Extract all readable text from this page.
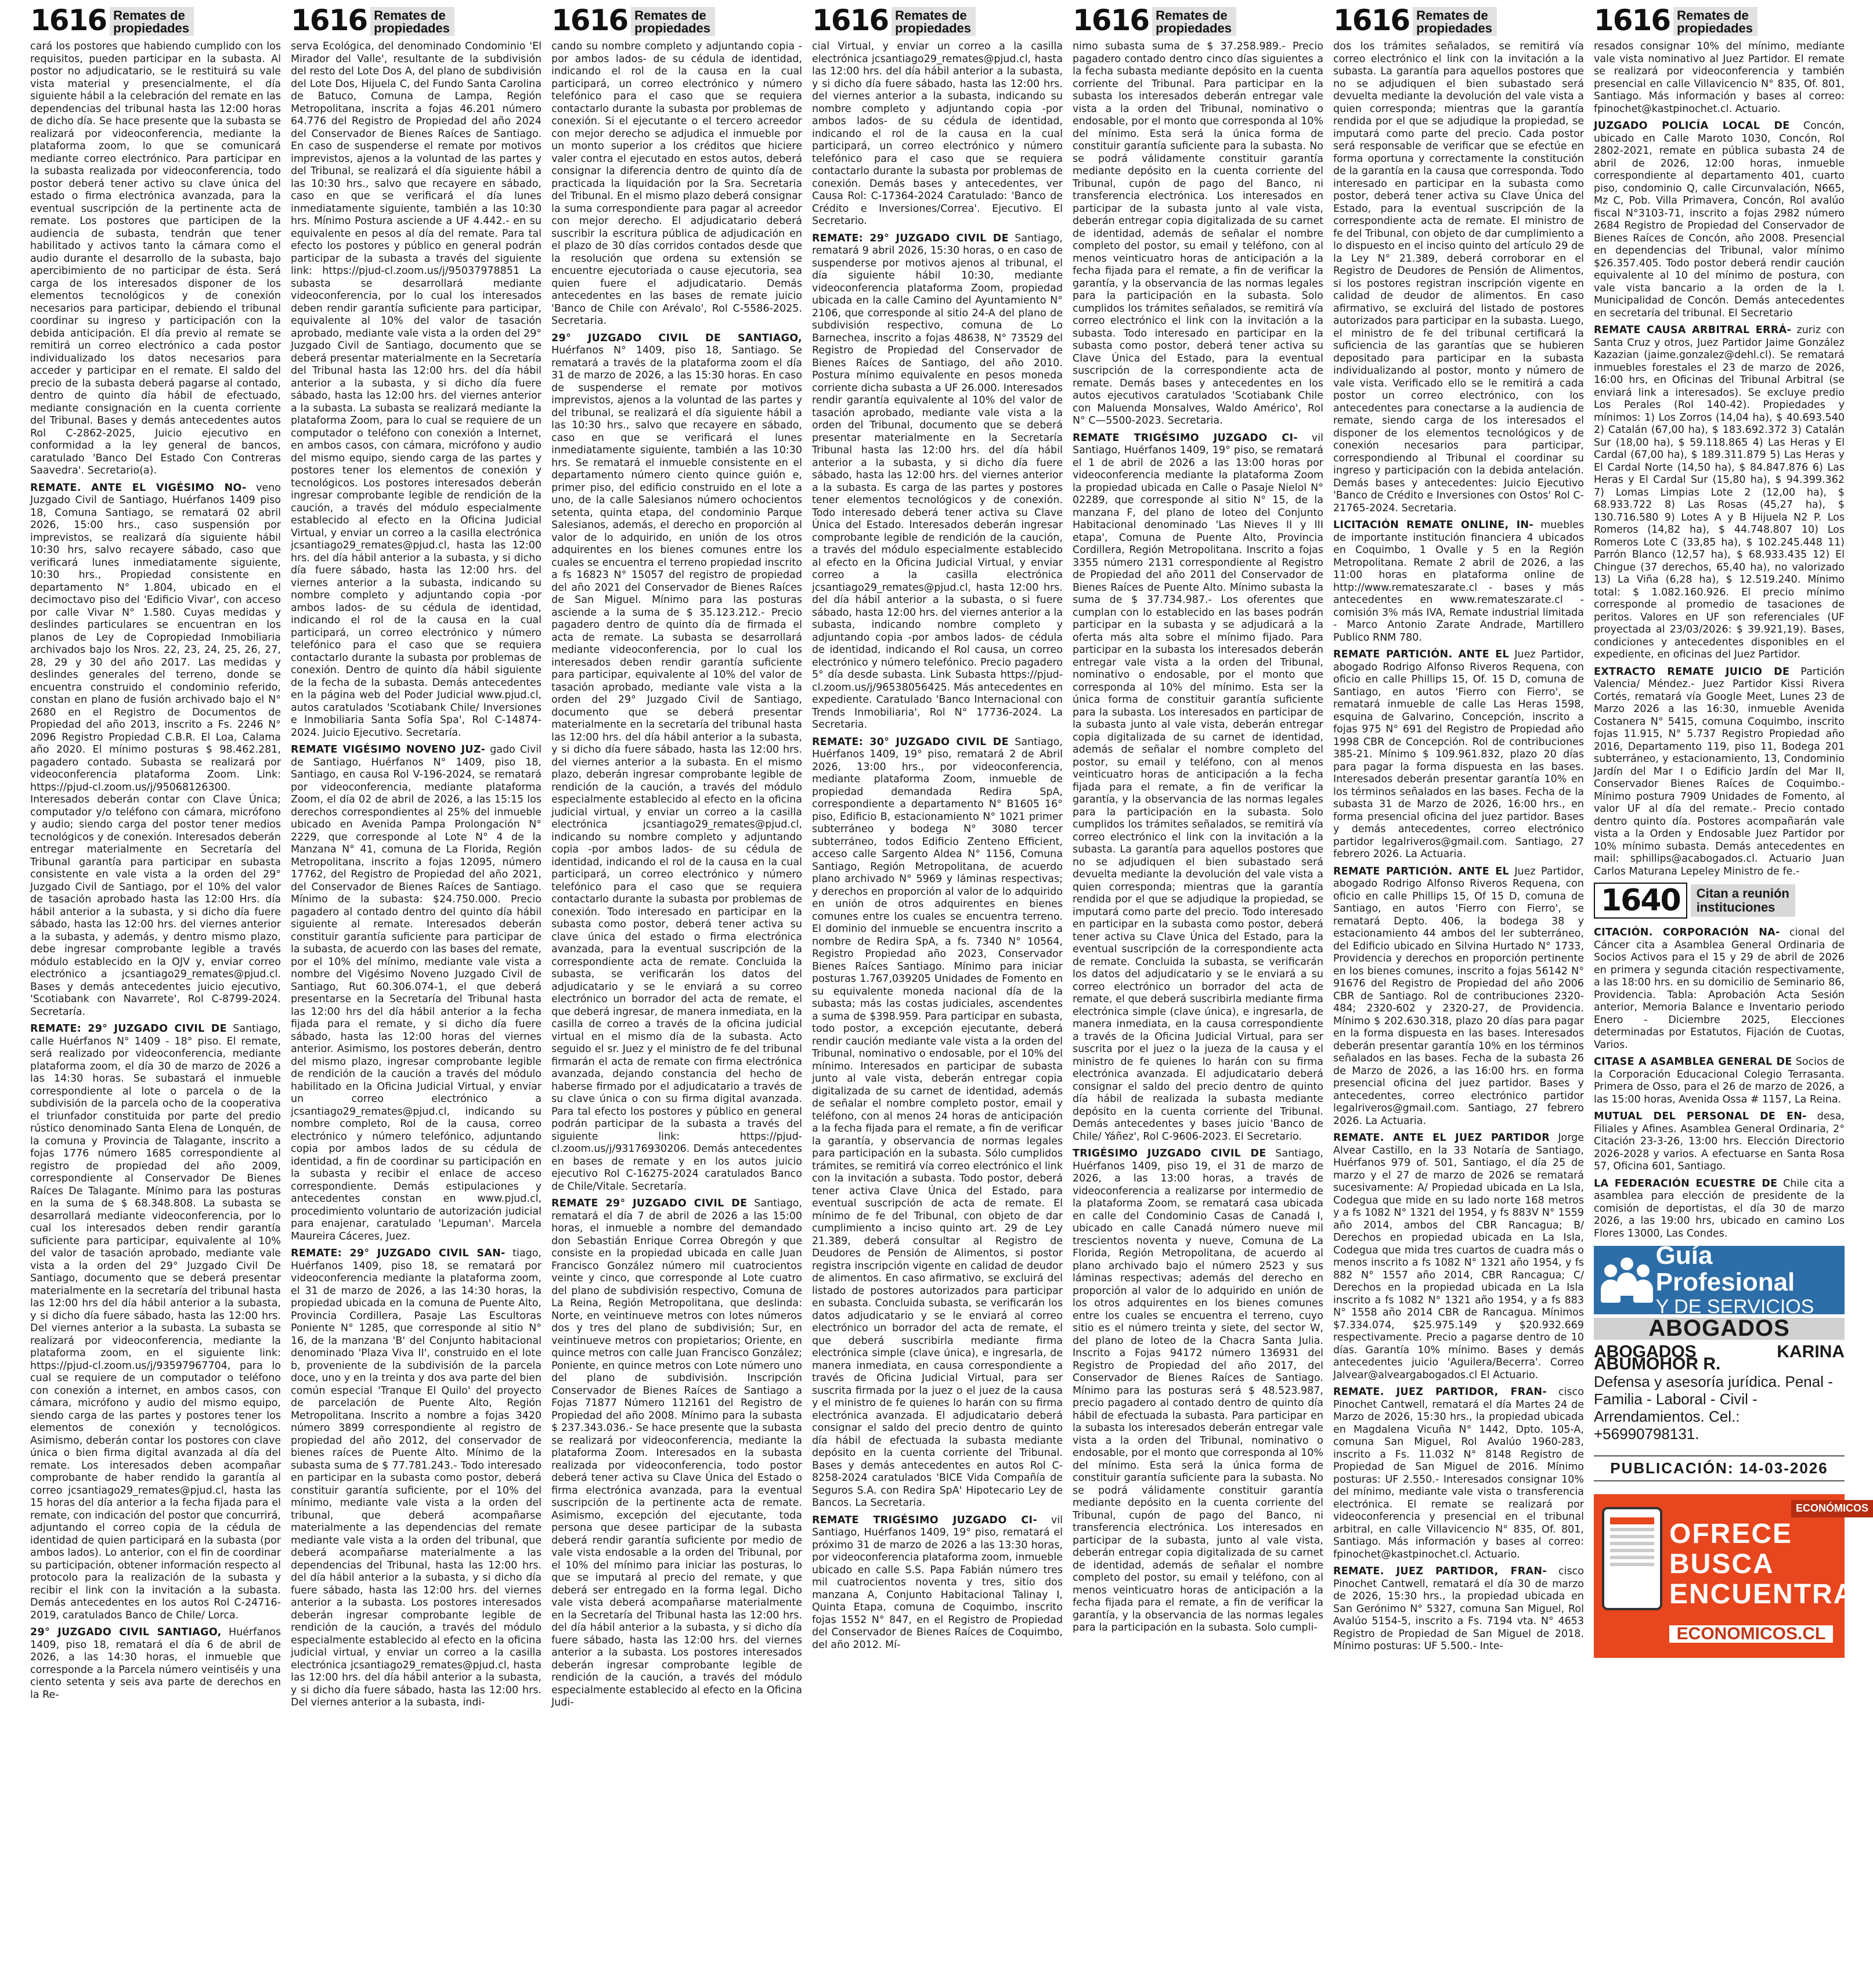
1616 Remates de
propiedades

cará los postores que habiendo cumplido con los requisitos, pueden participar en la subasta. Al postor no adjudicatario, se le restituirá su vale vista material y presencialmente, el día siguiente hábil a la celebración del remate en las dependencias del tribunal hasta las 12:00 horas de dicho día. Se hace presente que la subasta se realizará por videoconferencia, mediante la plataforma zoom, lo que se comunicará mediante correo electrónico. Para participar en la subasta realizada por videoconferencia, todo postor deberá tener activo su clave única del estado o firma electrónica avanzada, para la eventual suscripción de la pertinente acta de remate. Los postores que participen de la audiencia de subasta, tendrán que tener habilitado y activos tanto la cámara como el audio durante el desarrollo de la subasta, bajo apercibimiento de no participar de ésta. Será carga de los interesados disponer de los elementos tecnológicos y de conexión necesarios para participar, debiendo el tribunal coordinar su ingreso y participación con la debida anticipación. El día previo al remate se remitirá un correo electrónico a cada postor individualizado los datos necesarios para acceder y participar en el remate. El saldo del precio de la subasta deberá pagarse al contado, dentro de quinto día hábil de efectuado, mediante consignación en la cuenta corriente del Tribunal. Bases y demás antecedentes autos Rol C-2862-2025, Juicio ejecutivo en conformidad a la ley general de bancos, caratulado 'Banco Del Estado Con Contreras Saavedra'. Secretario(a).

REMATE. ANTE EL VIGÉSIMO NO- veno Juzgado Civil de Santiago, Huérfanos 1409 piso 18, Comuna Santiago, se rematará 02 abril 2026, 15:00 hrs., caso suspensión por imprevistos, se realizará día siguiente hábil 10:30 hrs, salvo recayere sábado, caso que verificará lunes inmediatamente siguiente, 10:30 hrs., Propiedad consistente en departamento N° 1.804, ubicado en el decimoctavo piso del 'Edificio Vivar', con acceso por calle Vivar N° 1.580. Cuyas medidas y deslindes particulares se encuentran en los planos de Ley de Copropiedad Inmobiliaria archivados bajo los Nros. 22, 23, 24, 25, 26, 27, 28, 29 y 30 del año 2017. Las medidas y deslindes generales del terreno, donde se encuentra construido el condominio referido, constan en plano de fusión archivado bajo el N° 2680 en el Registro de Documentos de Propiedad del año 2013, inscrito a Fs. 2246 N° 2096 Registro Propiedad C.B.R. El Loa, Calama año 2020. El mínimo posturas $ 98.462.281, pagadero contado. Subasta se realizará por videoconferencia plataforma Zoom. Link: https://pjud-cl.zoom.us/j/95068126300. Interesados deberán contar con Clave Única; computador y/o teléfono con cámara, micrófono y audio; siendo carga del postor tener medios tecnológicos y de conexión. Interesados deberán entregar materialmente en Secretaría del Tribunal garantía para participar en subasta consistente en vale vista a la orden del 29° Juzgado Civil de Santiago, por el 10% del valor de tasación aprobado hasta las 12:00 Hrs. día hábil anterior a la subasta, y si dicho día fuere sábado, hasta las 12:00 hrs. del viernes anterior a la subasta, y además, y dentro mismo plazo, debe ingresar comprobante legible a través módulo establecido en la OJV y, enviar correo electrónico a jcsantiago29_remates@pjud.cl. Bases y demás antecedentes juicio ejecutivo, 'Scotiabank con Navarrete', Rol C-8799-2024. Secretaría.

REMATE: 29° JUZGADO CIVIL DE Santiago, calle Huérfanos N° 1409 - 18° piso. El remate, será realizado por videoconferencia, mediante plataforma zoom, el día 30 de marzo de 2026 a las 14:30 horas. Se subastará el inmueble correspondiente al lote o parcela o de la subdivisión de la parcela ocho de la cooperativa el triunfador constituida por parte del predio rústico denominado Santa Elena de Lonquén, de la comuna y Provincia de Talagante, inscrito a fojas 1776 número 1685 correspondiente al registro de propiedad del año 2009, correspondiente al Conservador De Bienes Raíces De Talagante. Mínimo para las posturas en la suma de $ 68.348.808. La subasta se desarrollará mediante videoconferencia, por lo cual los interesados deben rendir garantía suficiente para participar, equivalente al 10% del valor de tasación aprobado, mediante vale vista a la orden del 29° Juzgado Civil De Santiago, documento que se deberá presentar materialmente en la secretaría del tribunal hasta las 12:00 hrs del día hábil anterior a la subasta, y si dicho día fuere sábado, hasta las 12:00 hrs. Del viernes anterior a la subasta. La subasta se realizará por videoconferencia, mediante la plataforma zoom, en el siguiente link: https://pjud-cl.zoom.us/j/93597967704, para lo cual se requiere de un computador o teléfono con conexión a internet, en ambos casos, con cámara, micrófono y audio del mismo equipo, siendo carga de las partes y postores tener los elementos de conexión y tecnológicos. Asimismo, deberán contar los postores con clave única o bien firma digital avanzada al día del remate. Los interesados deben acompañar comprobante de haber rendido la garantía al correo jcsantiago29_remates@pjud.cl, hasta las 15 horas del día anterior a la fecha fijada para el remate, con indicación del postor que concurrirá, adjuntando el correo copia de la cédula de identidad de quien participará en la subasta (por ambos lados). Lo anterior, con el fin de coordinar su participación, obtener información respecto al protocolo para la realización de la subasta y recibir el link con la invitación a la subasta. Demás antecedentes en los autos Rol C-24716-2019, caratulados Banco de Chile/ Lorca.

29° JUZGADO CIVIL SANTIAGO, Huérfanos 1409, piso 18, rematará el día 6 de abril de 2026, a las 14:30 horas, el inmueble que corresponde a la Parcela número veintiséis y una ciento setenta y seis ava parte de derechos en la Re-

1616 Remates de
propiedades

serva Ecológica, del denominado Condominio 'El Mirador del Valle', resultante de la subdivisión del resto del Lote Dos A, del plano de subdivisión del Lote Dos, Hijuela C, del Fundo Santa Carolina de Batuco, Comuna de Lampa, Región Metropolitana, inscrita a fojas 46.201 número 64.776 del Registro de Propiedad del año 2024 del Conservador de Bienes Raíces de Santiago. En caso de suspenderse el remate por motivos imprevistos, ajenos a la voluntad de las partes y del Tribunal, se realizará el día siguiente hábil a las 10:30 hrs., salvo que recayere en sábado, caso en que se verificará el día lunes inmediatamente siguiente, también a las 10:30 hrs. Mínimo Postura asciende a UF 4.442.- en su equivalente en pesos al día del remate. Para tal efecto los postores y público en general podrán participar de la subasta a través del siguiente link: https://pjud-cl.zoom.us/j/95037978851 La subasta se desarrollará mediante videoconferencia, por lo cual los interesados deben rendir garantía suficiente para participar, equivalente al 10% del valor de tasación aprobado, mediante vale vista a la orden del 29° Juzgado Civil de Santiago, documento que se deberá presentar materialmente en la Secretaría del Tribunal hasta las 12:00 hrs. del día hábil anterior a la subasta, y si dicho día fuere sábado, hasta las 12:00 hrs. del viernes anterior a la subasta. La subasta se realizará mediante la plataforma Zoom, para lo cual se requiere de un computador o teléfono con conexión a Internet, en ambos casos, con cámara, micrófono y audio del mismo equipo, siendo carga de las partes y postores tener los elementos de conexión y tecnológicos. Los postores interesados deberán ingresar comprobante legible de rendición de la caución, a través del módulo especialmente establecido al efecto en la Oficina Judicial Virtual, y enviar un correo a la casilla electrónica jcsantiago29_remates@pjud.cl, hasta las 12:00 hrs. del día hábil anterior a la subasta, y si dicho día fuere sábado, hasta las 12:00 hrs. del viernes anterior a la subasta, indicando su nombre completo y adjuntando copia -por ambos lados- de su cédula de identidad, indicando el rol de la causa en la cual participará, un correo electrónico y número telefónico para el caso que se requiera contactarlo durante la subasta por problemas de conexión. Dentro de quinto día hábil siguiente de la fecha de la subasta. Demás antecedentes en la página web del Poder Judicial www.pjud.cl, autos caratulados 'Scotiabank Chile/ Inversiones e Inmobiliaria Santa Sofía Spa', Rol C-14874-2024. Juicio Ejecutivo. Secretaría.

REMATE VIGÉSIMO NOVENO JUZ- gado Civil de Santiago, Huérfanos N° 1409, piso 18, Santiago, en causa Rol V-196-2024, se rematará por videoconferencia, mediante plataforma Zoom, el día 02 de abril de 2026, a las 15:15 los derechos correspondientes al 25% del inmueble ubicado en Avenida Pampa Prolongación N° 2229, que corresponde al Lote N° 4 de la Manzana N° 41, comuna de La Florida, Región Metropolitana, inscrito a fojas 12095, número 17762, del Registro de Propiedad del año 2021, del Conservador de Bienes Raíces de Santiago. Mínimo de la subasta: $24.750.000. Precio pagadero al contado dentro del quinto día hábil siguiente al remate. Interesados deberán constituir garantía suficiente para participar de la subasta, de acuerdo con las bases del remate, por el 10% del mínimo, mediante vale vista a nombre del Vigésimo Noveno Juzgado Civil de Santiago, Rut 60.306.074-1, el que deberá presentarse en la Secretaría del Tribunal hasta las 12:00 hrs del día hábil anterior a la fecha fijada para el remate, y si dicho día fuere sábado, hasta las 12:00 horas del viernes anterior. Asimismo, los postores deberán, dentro del mismo plazo, ingresar comprobante legible de rendición de la caución a través del módulo habilitado en la Oficina Judicial Virtual, y enviar un correo electrónico a jcsantiago29_remates@pjud.cl, indicando su nombre completo, Rol de la causa, correo electrónico y número telefónico, adjuntando copia por ambos lados de su cédula de identidad, a fin de coordinar su participación en la subasta y recibir el enlace de acceso correspondiente. Demás estipulaciones y antecedentes constan en www.pjud.cl, procedimiento voluntario de autorización judicial para enajenar, caratulado 'Lepuman'. Marcela Maureira Cáceres, Juez.

REMATE: 29° JUZGADO CIVIL SAN- tiago, Huérfanos 1409, piso 18, se rematará por videoconferencia mediante la plataforma zoom, el 31 de marzo de 2026, a las 14:30 horas, la propiedad ubicada en la comuna de Puente Alto, Provincia Cordillera, Pasaje Las Escultoras Poniente N° 1285, que corresponde al sitio N° 16, de la manzana 'B' del Conjunto habitacional denominado 'Plaza Viva II', construido en el lote b, proveniente de la subdivisión de la parcela doce, uno y en la treinta y dos ava parte del bien común especial 'Tranque El Quilo' del proyecto de parcelación de Puente Alto, Región Metropolitana. Inscrito a nombre a fojas 3420 número 3899 correspondiente al registro de propiedad del año 2012, del conservador de bienes raíces de Puente Alto. Mínimo de la subasta suma de $ 77.781.243.- Todo interesado en participar en la subasta como postor, deberá constituir garantía suficiente, por el 10% del mínimo, mediante vale vista a la orden del tribunal, que deberá acompañarse materialmente a las dependencias del remate mediante vale vista a la orden del tribunal, que deberá acompañarse materialmente a las dependencias del Tribunal, hasta las 12:00 hrs. del día hábil anterior a la subasta, y si dicho día fuere sábado, hasta las 12:00 hrs. del viernes anterior a la subasta. Los postores interesados deberán ingresar comprobante legible de rendición de la caución, a través del módulo especialmente establecido al efecto en la oficina judicial virtual, y enviar un correo a la casilla electrónica jcsantiago29_remates@pjud.cl, hasta las 12:00 hrs. del día hábil anterior a la subasta, y si dicho día fuere sábado, hasta las 12:00 hrs. Del viernes anterior a la subasta, indi-

1616 Remates de
propiedades

cando su nombre completo y adjuntando copia -por ambos lados- de su cédula de identidad, indicando el rol de la causa en la cual participará, un correo electrónico y número telefónico para el caso que se requiera contactarlo durante la subasta por problemas de conexión. Si el ejecutante o el tercero acreedor con mejor derecho se adjudica el inmueble por un monto superior a los créditos que hiciere valer contra el ejecutado en estos autos, deberá consignar la diferencia dentro de quinto día de practicada la liquidación por la Sra. Secretaria del Tribunal. En el mismo plazo deberá consignar la suma correspondiente para pagar al acreedor con mejor derecho. El adjudicatario deberá suscribir la escritura pública de adjudicación en el plazo de 30 días corridos contados desde que la resolución que ordena su extensión se encuentre ejecutoriada o cause ejecutoria, sea quien fuere el adjudicatario. Demás antecedentes en las bases de remate juicio 'Banco de Chile con Arévalo', Rol C-5586-2025. Secretaria.

29° JUZGADO CIVIL DE SANTIAGO, Huérfanos N° 1409, piso 18, Santiago. Se rematará a través de la plataforma zoom el día 31 de marzo de 2026, a las 15:30 horas. En caso de suspenderse el remate por motivos imprevistos, ajenos a la voluntad de las partes y del tribunal, se realizará el día siguiente hábil a las 10:30 hrs., salvo que recayere en sábado, caso en que se verificará el lunes inmediatamente siguiente, también a las 10:30 hrs. Se rematará el inmueble consistente en el departamento número ciento quince guión e, primer piso, del edificio construido en el lote a uno, de la calle Salesianos número ochocientos setenta, quinta etapa, del condominio Parque Salesianos, además, el derecho en proporción al valor de lo adquirido, en unión de los otros adquirentes en los bienes comunes entre los cuales se encuentra el terreno propiedad inscrito a fs 16823 N° 15057 del registro de propiedad del año 2021 del Conservador de Bienes Raíces de San Miguel. Mínimo para las posturas asciende a la suma de $ 35.123.212.- Precio pagadero dentro de quinto día de firmada el acta de remate. La subasta se desarrollará mediante videoconferencia, por lo cual los interesados deben rendir garantía suficiente para participar, equivalente al 10% del valor de tasación aprobado, mediante vale vista a la orden del 29° Juzgado Civil de Santiago, documento que se deberá presentar materialmente en la secretaría del tribunal hasta las 12:00 hrs. del día hábil anterior a la subasta, y si dicho día fuere sábado, hasta las 12:00 hrs. del viernes anterior a la subasta. En el mismo plazo, deberán ingresar comprobante legible de rendición de la caución, a través del módulo especialmente establecido al efecto en la oficina judicial virtual, y enviar un correo a la casilla electrónica jcsantiago29_remates@pjud.cl, indicando su nombre completo y adjuntando copia -por ambos lados- de su cédula de identidad, indicando el rol de la causa en la cual participará, un correo electrónico y número telefónico para el caso que se requiera contactarlo durante la subasta por problemas de conexión. Todo interesado en participar en la subasta como postor, deberá tener activa su clave única del estado o firma electrónica avanzada, para la eventual suscripción de la correspondiente acta de remate. Concluida la subasta, se verificarán los datos del adjudicatario y se le enviará a su correo electrónico un borrador del acta de remate, el que deberá ingresar, de manera inmediata, en la casilla de correo a través de la oficina judicial virtual en el mismo día de la subasta. Acto seguido el sr. Juez y el ministro de fe del tribunal firmarán el acta de remate con firma electrónica avanzada, dejando constancia del hecho de haberse firmado por el adjudicatario a través de su clave única o con su firma digital avanzada. Para tal efecto los postores y público en general podrán participar de la subasta a través del siguiente link: https://pjud-cl.zoom.us/j/93176930206. Demás antecedentes en bases de remate y en los autos juicio ejecutivo Rol C-16275-2024 caratulados Banco de Chile/Vitale. Secretaría.

REMATE 29° JUZGADO CIVIL DE Santiago, rematará el día 7 de abril de 2026 a las 15:00 horas, el inmueble a nombre del demandado don Sebastián Enrique Correa Obregón y que consiste en la propiedad ubicada en calle Juan Francisco González número mil cuatrocientos veinte y cinco, que corresponde al Lote cuatro del plano de subdivisión respectivo, Comuna de La Reina, Región Metropolitana, que deslinda: Norte, en veintinueve metros con lotes números dos y tres del plano de subdivisión; Sur, en veintinueve metros con propietarios; Oriente, en quince metros con calle Juan Francisco González; Poniente, en quince metros con Lote número uno del plano de subdivisión. Inscripción Conservador de Bienes Raíces de Santiago a Fojas 71877 Número 112161 del Registro de Propiedad del año 2008. Mínimo para la subasta $ 237.343.036.- Se hace presente que la subasta se realizará por videoconferencia, mediante la plataforma Zoom. Interesados en la subasta realizada por videoconferencia, todo postor deberá tener activa su Clave Única del Estado o firma electrónica avanzada, para la eventual suscripción de la pertinente acta de remate. Asimismo, excepción del ejecutante, toda persona que desee participar de la subasta deberá rendir garantía suficiente por medio de vale vista endosable a la orden del Tribunal, por el 10% del mínimo para iniciar las posturas, lo que se imputará al precio del remate, y que deberá ser entregado en la forma legal. Dicho vale vista deberá acompañarse materialmente en la Secretaría del Tribunal hasta las 12:00 hrs. del día hábil anterior a la subasta, y si dicho día fuere sábado, hasta las 12:00 hrs. del viernes anterior a la subasta. Los postores interesados deberán ingresar comprobante legible de rendición de la caución, a través del módulo especialmente establecido al efecto en la Oficina Judi-

1616 Remates de
propiedades

cial Virtual, y enviar un correo a la casilla electrónica jcsantiago29_remates@pjud.cl, hasta las 12:00 hrs. del día hábil anterior a la subasta, y si dicho día fuere sábado, hasta las 12:00 hrs. del viernes anterior a la subasta, indicando su nombre completo y adjuntando copia -por ambos lados- de su cédula de identidad, indicando el rol de la causa en la cual participará, un correo electrónico y número telefónico para el caso que se requiera contactarlo durante la subasta por problemas de conexión. Demás bases y antecedentes, ver Causa Rol: C-17364-2024 Caratulado: 'Banco de Crédito e Inversiones/Correa'. Ejecutivo. El Secretario.

REMATE: 29° JUZGADO CIVIL DE Santiago, rematará 9 abril 2026, 15:30 horas, o en caso de suspenderse por motivos ajenos al tribunal, el día siguiente hábil 10:30, mediante videoconferencia plataforma Zoom, propiedad ubicada en la calle Camino del Ayuntamiento N° 2106, que corresponde al sitio 24-A del plano de subdivisión respectivo, comuna de Lo Barnechea, inscrito a fojas 48638, N° 73529 del Registro de Propiedad del Conservador de Bienes Raíces de Santiago, del año 2010. Postura mínimo equivalente en pesos moneda corriente dicha subasta a UF 26.000. Interesados rendir garantía equivalente al 10% del valor de tasación aprobado, mediante vale vista a la orden del Tribunal, documento que se deberá presentar materialmente en la Secretaría Tribunal hasta las 12:00 hrs. del día hábil anterior a la subasta, y si dicho día fuere sábado, hasta las 12:00 hrs. del viernes anterior a la subasta. Es carga de las partes y postores tener elementos tecnológicos y de conexión. Todo interesado deberá tener activa su Clave Única del Estado. Interesados deberán ingresar comprobante legible de rendición de la caución, a través del módulo especialmente establecido al efecto en la Oficina Judicial Virtual, y enviar correo a la casilla electrónica jcsantiago29_remates@pjud.cl, hasta 12:00 hrs. del día hábil anterior a la subasta, o si fuere sábado, hasta 12:00 hrs. del viernes anterior a la subasta, indicando nombre completo y adjuntando copia -por ambos lados- de cédula de identidad, indicando el Rol causa, un correo electrónico y número telefónico. Precio pagadero 5° día desde subasta. Link Subasta https://pjud-cl.zoom.us/j/96538056425. Más antecedentes en expediente. Caratulado 'Banco Internacional con Trends Inmobiliaria', Rol N° 17736-2024. La Secretaria.

REMATE: 30° JUZGADO CIVIL DE Santiago, Huérfanos 1409, 19° piso, rematará 2 de Abril 2026, 13:00 hrs., por videoconferencia, mediante plataforma Zoom, inmueble de propiedad demandada Redira SpA, correspondiente a departamento N° B1605 16° piso, Edificio B, estacionamiento N° 1021 primer subterráneo y bodega N° 3080 tercer subterráneo, todos Edificio Zenteno Efficient, acceso calle Sargento Aldea N° 1156, Comuna Santiago, Región Metropolitana, de acuerdo plano archivado N° 5969 y láminas respectivas; y derechos en proporción al valor de lo adquirido en unión de otros adquirentes en bienes comunes entre los cuales se encuentra terreno. El dominio del inmueble se encuentra inscrito a nombre de Redira SpA, a fs. 7340 N° 10564, Registro Propiedad año 2023, Conservador Bienes Raíces Santiago. Mínimo para iniciar posturas 1.767,039205 Unidades de Fomento en su equivalente moneda nacional día de la subasta; más las costas judiciales, ascendentes a suma de $398.959. Para participar en subasta, todo postor, a excepción ejecutante, deberá rendir caución mediante vale vista a la orden del Tribunal, nominativo o endosable, por el 10% del mínimo. Interesados en participar de subasta junto al vale vista, deberán entregar copia digitalizada de su carnet de identidad, además de señalar el nombre completo postor, email y teléfono, con al menos 24 horas de anticipación a la fecha fijada para el remate, a fin de verificar la garantía, y observancia de normas legales para participación en la subasta. Sólo cumplidos trámites, se remitirá vía correo electrónico el link con la invitación a subasta. Todo postor, deberá tener activa Clave Única del Estado, para eventual suscripción de acta de remate. El mínimo de fe del Tribunal, con objeto de dar cumplimiento a inciso quinto art. 29 de Ley 21.389, deberá consultar al Registro de Deudores de Pensión de Alimentos, si postor registra inscripción vigente en calidad de deudor de alimentos. En caso afirmativo, se excluirá del listado de postores autorizados para participar en subasta. Concluida subasta, se verificarán los datos adjudicatario y se le enviará al correo electrónico un borrador del acta de remate, el que deberá suscribirla mediante firma electrónica simple (clave única), e ingresarla, de manera inmediata, en causa correspondiente a través de Oficina Judicial Virtual, para ser suscrita firmada por la juez o el juez de la causa y el ministro de fe quienes lo harán con su firma electrónica avanzada. El adjudicatario deberá consignar el saldo del precio dentro de quinto día hábil de efectuada la subasta mediante depósito en la cuenta corriente del Tribunal. Bases y demás antecedentes en autos Rol C-8258-2024 caratulados 'BICE Vida Compañía de Seguros S.A. con Redira SpA' Hipotecario Ley de Bancos. La Secretaria.

REMATE TRIGÉSIMO JUZGADO CI- vil Santiago, Huérfanos 1409, 19° piso, rematará el próximo 31 de marzo de 2026 a las 13:30 horas, por videoconferencia plataforma zoom, inmueble ubicado en calle S.S. Papa Fabián número tres mil cuatrocientos noventa y tres, sitio dos manzana A, Conjunto Habitacional Talinay I, Quinta Etapa, comuna de Coquimbo, inscrito fojas 1552 N° 847, en el Registro de Propiedad del Conservador de Bienes Raíces de Coquimbo, del año 2012. Mí-

1616 Remates de
propiedades

nimo subasta suma de $ 37.258.989.- Precio pagadero contado dentro cinco días siguientes a la fecha subasta mediante depósito en la cuenta corriente del Tribunal. Para participar en la subasta los interesados deberán entregar vale vista a la orden del Tribunal, nominativo o endosable, por el monto que corresponda al 10% del mínimo. Esta será la única forma de constituir garantía suficiente para la subasta. No se podrá válidamente constituir garantía mediante depósito en la cuenta corriente del Tribunal, cupón de pago del Banco, ni transferencia electrónica. Los interesados en participar de la subasta junto al vale vista, deberán entregar copia digitalizada de su carnet de identidad, además de señalar el nombre completo del postor, su email y teléfono, con al menos veinticuatro horas de anticipación a la fecha fijada para el remate, a fin de verificar la garantía, y la observancia de las normas legales para la participación en la subasta. Solo cumplidos los trámites señalados, se remitirá vía correo electrónico el link con la invitación a la subasta. Todo interesado en participar en la subasta como postor, deberá tener activa su Clave Única del Estado, para la eventual suscripción de la correspondiente acta de remate. Demás bases y antecedentes en los autos ejecutivos caratulados 'Scotiabank Chile con Maluenda Monsalves, Waldo Américo', Rol N° C—5500-2023. Secretaria.

REMATE TRIGÉSIMO JUZGADO CI- vil Santiago, Huérfanos 1409, 19° piso, se rematará el 1 de abril de 2026 a las 13:00 horas por videoconferencia mediante la plataforma Zoom la propiedad ubicada en Calle o Pasaje Nielol N° 02289, que corresponde al sitio N° 15, de la manzana F, del plano de loteo del Conjunto Habitacional denominado 'Las Nieves II y III etapa', Comuna de Puente Alto, Provincia Cordillera, Región Metropolitana. Inscrito a fojas 3355 número 2131 correspondiente al Registro de Propiedad del año 2011 del Conservador de Bienes Raíces de Puente Alto. Mínimo subasta la suma de $ 37.734.987.- Los oferentes que cumplan con lo establecido en las bases podrán participar en la subasta y se adjudicará a la oferta más alta sobre el mínimo fijado. Para participar en la subasta los interesados deberán entregar vale vista a la orden del Tribunal, nominativo o endosable, por el monto que corresponda al 10% del mínimo. Esta ser la única forma de constituir garantía suficiente para la subasta. Los interesados en participar de la subasta junto al vale vista, deberán entregar copia digitalizada de su carnet de identidad, además de señalar el nombre completo del postor, su email y teléfono, con al menos veinticuatro horas de anticipación a la fecha fijada para el remate, a fin de verificar la garantía, y la observancia de las normas legales para la participación en la subasta. Solo cumplidos los trámites señalados, se remitirá vía correo electrónico el link con la invitación a la subasta. La garantía para aquellos postores que no se adjudiquen el bien subastado será devuelta mediante la devolución del vale vista a quien corresponda; mientras que la garantía rendida por el que se adjudique la propiedad, se imputará como parte del precio. Todo interesado en participar en la subasta como postor, deberá tener activa su Clave Única del Estado, para la eventual suscripción de la correspondiente acta de remate. Concluida la subasta, se verificarán los datos del adjudicatario y se le enviará a su correo electrónico un borrador del acta de remate, el que deberá suscribirla mediante firma electrónica simple (clave única), e ingresarla, de manera inmediata, en la causa correspondiente a través de la Oficina Judicial Virtual, para ser suscrita por el juez o la jueza de la causa y el ministro de fe quienes lo harán con su firma electrónica avanzada. El adjudicatario deberá consignar el saldo del precio dentro de quinto día hábil de realizada la subasta mediante depósito en la cuenta corriente del Tribunal. Demás antecedentes y bases juicio 'Banco de Chile/ Yáñez', Rol C-9606-2023. El Secretario.

TRIGÉSIMO JUZGADO CIVIL DE Santiago, Huérfanos 1409, piso 19, el 31 de marzo de 2026, a las 13:00 horas, a través de videoconferencia a realizarse por intermedio de la plataforma Zoom, se rematará casa ubicada en calle del Condominio Casas de Canadá I, ubicado en calle Canadá número nueve mil trescientos noventa y nueve, Comuna de La Florida, Región Metropolitana, de acuerdo al plano archivado bajo el número 2523 y sus láminas respectivas; además del derecho en proporción al valor de lo adquirido en unión de los otros adquirentes en los bienes comunes entre los cuales se encuentra el terreno, cuyo sitio es el número treinta y siete, del sector W, del plano de loteo de la Chacra Santa Julia. Inscrito a Fojas 94172 número 136931 del Registro de Propiedad del año 2017, del Conservador de Bienes Raíces de Santiago. Mínimo para las posturas será $ 48.523.987, precio pagadero al contado dentro de quinto día hábil de efectuada la subasta. Para participar en la subasta los interesados deberán entregar vale vista a la orden del Tribunal, nominativo o endosable, por el monto que corresponda al 10% del mínimo. Esta será la única forma de constituir garantía suficiente para la subasta. No se podrá válidamente constituir garantía mediante depósito en la cuenta corriente del Tribunal, cupón de pago del Banco, ni transferencia electrónica. Los interesados en participar de la subasta, junto al vale vista, deberán entregar copia digitalizada de su carnet de identidad, además de señalar el nombre completo del postor, su email y teléfono, con al menos veinticuatro horas de anticipación a la fecha fijada para el remate, a fin de verificar la garantía, y la observancia de las normas legales para la participación en la subasta. Solo cumpli-

1616 Remates de
propiedades

dos los trámites señalados, se remitirá vía correo electrónico el link con la invitación a la subasta. La garantía para aquellos postores que no se adjudiquen el bien subastado será devuelta mediante la devolución del vale vista a quien corresponda; mientras que la garantía rendida por el que se adjudique la propiedad, se imputará como parte del precio. Cada postor será responsable de verificar que se efectúe en forma oportuna y correctamente la constitución de la garantía en la causa que corresponda. Todo interesado en participar en la subasta como postor, deberá tener activa su Clave Única del Estado, para la eventual suscripción de la correspondiente acta de remate. El ministro de fe del Tribunal, con objeto de dar cumplimiento a lo dispuesto en el inciso quinto del artículo 29 de la Ley N° 21.389, deberá corroborar en el Registro de Deudores de Pensión de Alimentos, si los postores registran inscripción vigente en calidad de deudor de alimentos. En caso afirmativo, se excluirá del listado de postores autorizados para participar en la subasta. Luego, el ministro de fe del tribunal certificará la suficiencia de las garantías que se hubieren depositado para participar en la subasta individualizando al postor, monto y número de vale vista. Verificado ello se le remitirá a cada postor un correo electrónico, con los antecedentes para conectarse a la audiencia de remate, siendo carga de los interesados el disponer de los elementos tecnológicos y de conexión necesarios para participar, correspondiendo al Tribunal el coordinar su ingreso y participación con la debida antelación. Demás bases y antecedentes: Juicio Ejecutivo 'Banco de Crédito e Inversiones con Ostos' Rol C-21765-2024. Secretaria.

LICITACIÓN REMATE ONLINE, IN- muebles de importante institución financiera 4 ubicados en Coquimbo, 1 Ovalle y 5 en la Región Metropolitana. Remate 2 abril de 2026, a las 11:00 horas en plataforma online de http://www.remateszarate.cl - bases y más antecedentes en www.remateszarate.cl - comisión 3% más IVA, Remate industrial limitada - Marco Antonio Zarate Andrade, Martillero Publico RNM 780.

REMATE PARTICIÓN. ANTE EL Juez Partidor, abogado Rodrigo Alfonso Riveros Requena, con oficio en calle Phillips 15, Of. 15 D, comuna de Santiago, en autos 'Fierro con Fierro', se rematará inmueble de calle Las Heras 1598, esquina de Galvarino, Concepción, inscrito a fojas 975 N° 691 del Registro de Propiedad año 1998 CBR de Concepción. Rol de contribuciones 385-21. Mínimo $ 109.961.832, plazo 20 días para pagar la forma dispuesta en las bases. Interesados deberán presentar garantía 10% en los términos señalados en las bases. Fecha de la subasta 31 de Marzo de 2026, 16:00 hrs., en forma presencial oficina del juez partidor. Bases y demás antecedentes, correo electrónico partidor legalriveros@gmail.com. Santiago, 27 febrero 2026. La Actuaria.

REMATE PARTICIÓN. ANTE EL Juez Partidor, abogado Rodrigo Alfonso Riveros Requena, con oficio en calle Phillips 15, Of 15 D, comuna de Santiago, en autos 'Fierro con Fierro', se rematará Depto. 406, la bodega 38 y estacionamiento 44 ambos del ler subterráneo, del Edificio ubicado en Silvina Hurtado N° 1733, Providencia y derechos en proporción pertinente en los bienes comunes, inscrito a fojas 56142 N° 91676 del Registro de Propiedad del año 2006 CBR de Santiago. Rol de contribuciones 2320-484; 2320-602 y 2320-27, de Providencia. Mínimo $ 202.630.318, plazo 20 días para pagar en la forma dispuesta en las bases. Interesados deberán presentar garantía 10% en los términos señalados en las bases. Fecha de la subasta 26 de Marzo de 2026, a las 16:00 hrs. en forma presencial oficina del juez partidor. Bases y antecedentes, correo electrónico partidor legalriveros@gmail.com. Santiago, 27 febrero 2026. La Actuaria.

REMATE. ANTE EL JUEZ PARTIDOR Jorge Alvear Castillo, en la 33 Notaría de Santiago, Huérfanos 979 of. 501, Santiago, el día 25 de marzo y el 27 de marzo de 2026 se rematará sucesivamente: A/ Propiedad ubicada en La Isla, Codegua que mide en su lado norte 168 metros y a fs 1082 N° 1321 del 1954, y fs 883V N° 1559 año 2014, ambos del CBR Rancagua; B/ Derechos en propiedad ubicada en La Isla, Codegua que mida tres cuartos de cuadra más o menos inscrito a fs 1082 N° 1321 año 1954, y fs 882 N° 1557 año 2014, CBR Rancagua; C/ Derechos en la propiedad ubicada en La Isla inscrito a fs 1082 N° 1321 año 1954, y a fs 883 N° 1558 año 2014 CBR de Rancagua. Mínimos $7.334.074, $25.975.149 y $20.932.669 respectivamente. Precio a pagarse dentro de 10 días. Garantía 10% mínimo. Bases y demás antecedentes juicio 'Aguilera/Becerra'. Correo Jalvear@alveargabogados.cl El Actuario.

REMATE. JUEZ PARTIDOR, FRAN- cisco Pinochet Cantwell, rematará el día Martes 24 de Marzo de 2026, 15:30 hrs., la propiedad ubicada en Magdalena Vicuña N° 1442, Dpto. 105-A, comuna San Miguel, Rol Avalúo 1960-283, inscrito a Fs. 11.032 N° 8148 Registro de Propiedad de San Miguel de 2016. Mínimo posturas: UF 2.550.- Interesados consignar 10% del mínimo, mediante vale vista o transferencia electrónica. El remate se realizará por videoconferencia y presencial en el tribunal arbitral, en calle Villavicencio N° 835, Of. 801, Santiago. Más información y bases al correo: fpinochet@kastpinochet.cl. Actuario.

REMATE. JUEZ PARTIDOR, FRAN- cisco Pinochet Cantwell, rematará el día 30 de marzo de 2026, 15:30 hrs., la propiedad ubicada en San Gerónimo N° 5327, comuna San Miguel, Rol Avalúo 5154-5, inscrito a Fs. 7194 vta. N° 4653 Registro de Propiedad de San Miguel de 2018. Mínimo posturas: UF 5.500.- Inte-

1616 Remates de
propiedades

resados consignar 10% del mínimo, mediante vale vista nominativo al Juez Partidor. El remate se realizará por videoconferencia y también presencial en calle Villavicencio N° 835, Of. 801, Santiago. Más información y bases al correo: fpinochet@kastpinochet.cl. Actuario.

JUZGADO POLICÍA LOCAL DE Concón, ubicado en Calle Maroto 1030, Concón, Rol 2802-2021, remate en pública subasta 24 de abril de 2026, 12:00 horas, inmueble correspondiente al departamento 401, cuarto piso, condominio Q, calle Circunvalación, N665, Mz C, Pob. Villa Primavera, Concón, Rol avalúo fiscal N°3103-71, inscrito a fojas 2982 número 2684 Registro de Propiedad del Conservador de Bienes Raíces de Concón, año 2008. Presencial en dependencias del Tribunal, valor mínimo $26.357.405. Todo postor deberá rendir caución equivalente al 10 del mínimo de postura, con vale vista bancario a la orden de la I. Municipalidad de Concón. Demás antecedentes en secretaría del tribunal. El Secretario

REMATE CAUSA ARBITRAL ERRÁ- zuriz con Santa Cruz y otros, Juez Partidor Jaime González Kazazian (jaime.gonzalez@dehl.cl). Se rematará inmuebles forestales el 23 de marzo de 2026, 16:00 hrs, en Oficinas del Tribunal Arbitral (se enviará link a interesados). Se excluye predio Los Perales (Rol 140-42). Propiedades y mínimos: 1) Los Zorros (14,04 ha), $ 40.693.540 2) Catalán (67,00 ha), $ 183.692.372 3) Catalán Sur (18,00 ha), $ 59.118.865 4) Las Heras y El Cardal (67,00 ha), $ 189.311.879 5) Las Heras y El Cardal Norte (14,50 ha), $ 84.847.876 6) Las Heras y El Cardal Sur (15,80 ha), $ 94.399.362 7) Lomas Limpias Lote 2 (12,00 ha), $ 68.933.722 8) Las Rosas (45,27 ha), $ 130.716.580 9) Lotes A y B Hijuela N2 P. Los Romeros (14,82 ha), $ 44.748.807 10) Los Romeros Lote C (33,85 ha), $ 102.245.448 11) Parrón Blanco (12,57 ha), $ 68.933.435 12) El Chingue (37 derechos, 65,40 ha), no valorizado 13) La Viña (6,28 ha), $ 12.519.240. Mínimo total: $ 1.082.160.926. El precio mínimo corresponde al promedio de tasaciones de peritos. Valores en UF son referenciales (UF proyectada al 23/03/2026: $ 39.921,19). Bases, condiciones y antecedentes disponibles en el expediente, en oficinas del Juez Partidor.

EXTRACTO REMATE JUICIO DE Partición Valencia/ Méndez.- Juez Partidor Kissi Rivera Cortés, rematará vía Google Meet, Lunes 23 de Marzo 2026 a las 16:30, inmueble Avenida Costanera N° 5415, comuna Coquimbo, inscrito fojas 11.915, N° 5.737 Registro Propiedad año 2016, Departamento 119, piso 11, Bodega 201 subterráneo, y estacionamiento, 13, Condominio Jardín del Mar I o Edificio Jardín del Mar II, Conservador Bienes Raíces de Coquimbo.- Mínimo postura 7909 Unidades de Fomento, al valor UF al día del remate.- Precio contado dentro quinto día. Postores acompañarán vale vista a la Orden y Endosable Juez Partidor por 10% mínimo subasta. Demás antecedentes en mail: sphillips@acabogados.cl. Actuario Juan Carlos Maturana Lepeley Ministro de fe.-

1640	Citan a reunión
instituciones

CITACIÓN. CORPORACIÓN NA- cional del Cáncer cita a Asamblea General Ordinaria de Socios Activos para el 15 y 29 de abril de 2026 en primera y segunda citación respectivamente, a las 18:00 hrs. en su domicilio de Seminario 86, Providencia. Tabla: Aprobación Acta Sesión anterior, Memoria Balance e Inventario periodo Enero - Diciembre 2025, Elecciones determinadas por Estatutos, Fijación de Cuotas, Varios.

CITASE A ASAMBLEA GENERAL DE Socios de la Corporación Educacional Colegio Terrasanta. Primera de Osso, para el 26 de marzo de 2026, a las 15:00 horas, Avenida Ossa # 1157, La Reina.

MUTUAL DEL PERSONAL DE EN- desa, Filiales y Afines. Asamblea General Ordinaria, 2° Citación 23-3-26, 13:00 hrs. Elección Directorio 2026-2028 y varios. A efectuarse en Santa Rosa 57, Oficina 601, Santiago.

LA FEDERACIÓN ECUESTRE DE Chile cita a asamblea para elección de presidente de la comisión de deportistas, el día 30 de marzo 2026, a las 19:00 hrs, ubicado en camino Los Flores 13000, Las Condes.

Guía Profesional
Y DE SERVICIOS
ABOGADOS
ABOGADOS KARINA ABUMOHOR R.
Defensa y asesoría jurídica. Penal - Familia - Laboral - Civil - Arrendamientos. Cel.: +56990798131.
PUBLICACIÓN: 14-03-2026
ECONÓMICOS
OFRECE
BUSCA
ENCUENTRA
ECONOMICOS.CL
